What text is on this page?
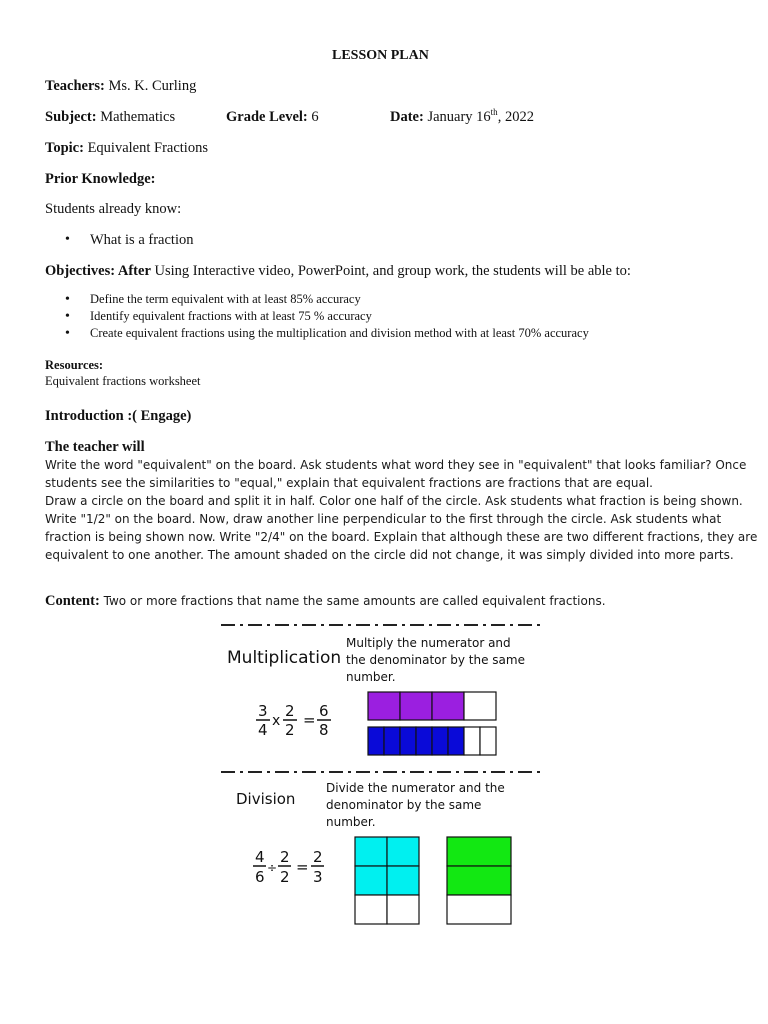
LESSON PLAN
Teachers: Ms. K. Curling
Subject: Mathematics	Grade Level: 6	Date: January 16th, 2022
Topic: Equivalent Fractions
Prior Knowledge:
Students already know:
• What is a fraction
Objectives: After Using Interactive video, PowerPoint, and group work, the students will be able to:
• Define the term equivalent with at least 85% accuracy
• Identify equivalent fractions with at least 75 % accuracy
• Create equivalent fractions using the multiplication and division method with at least 70% accuracy
Resources:
Equivalent fractions worksheet
Introduction :( Engage)
The teacher will
Write the word "equivalent" on the board. Ask students what word they see in "equivalent" that looks familiar? Once
students see the similarities to "equal," explain that equivalent fractions are fractions that are equal.
Draw a circle on the board and split it in half. Color one half of the circle. Ask students what fraction is being shown.
Write "1/2" on the board. Now, draw another line perpendicular to the first through the circle. Ask students what
fraction is being shown now. Write "2/4" on the board. Explain that although these are two different fractions, they are
equivalent to one another. The amount shaded on the circle did not change, it was simply divided into more parts.
Content: Two or more fractions that name the same amounts are called equivalent fractions.
Multiplication
Multiply the numerator and
the denominator by the same
number.
3
4 x
2
2
= 6
8
Division
Divide the numerator and the
denominator by the same
number.
4
6 ÷
2
2
=
2
3
